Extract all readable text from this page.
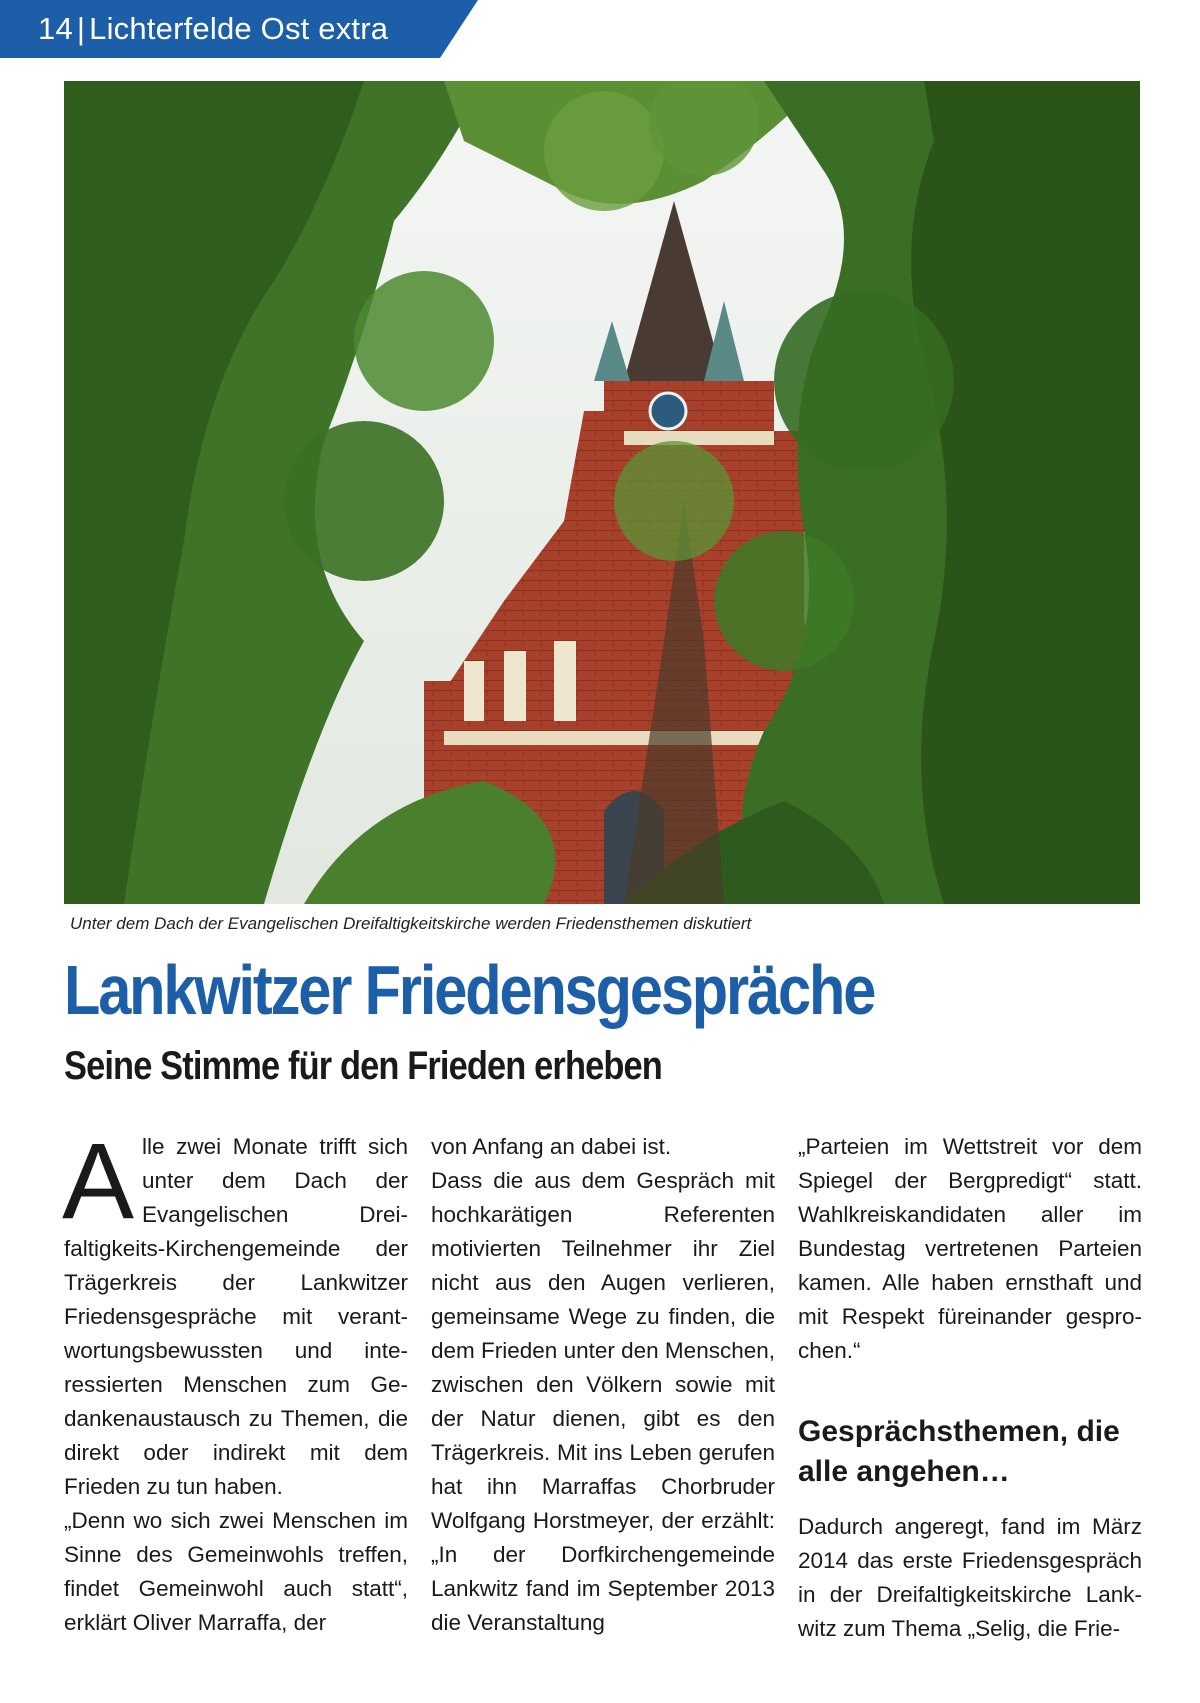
14 | Lichterfelde Ost extra
Unter dem Dach der Evangelischen Dreifaltigkeitskirche werden Friedensthemen diskutiert
Lankwitzer Friedensgespräche
Seine Stimme für den Frieden erheben

Alle zwei Monate trifft sich unter dem Dach der Evangelischen Dreifaltigkeits-Kirchengemeinde der Trägerkreis der Lankwitzer Friedensgespräche mit verantwortungsbewussten und interessierten Menschen zum Gedankenaustausch zu Themen, die direkt oder indirekt mit dem Frieden zu tun haben.

„Denn wo sich zwei Menschen im Sinne des Gemeinwohls treffen, findet Gemeinwohl auch statt“, erklärt Oliver Marraffa, der

von Anfang an dabei ist.

Dass die aus dem Gespräch mit hochkarätigen Referenten motivierten Teilnehmer ihr Ziel nicht aus den Augen verlieren, gemeinsame Wege zu finden, die dem Frieden unter den Menschen, zwischen den Völkern sowie mit der Natur dienen, gibt es den Trägerkreis. Mit ins Leben gerufen hat ihn Marraffas Chorbruder Wolfgang Horstmeyer, der erzählt: „In der Dorfkirchengemeinde Lankwitz fand im September 2013 die Veranstaltung

„Parteien im Wettstreit vor dem Spiegel der Bergpredigt“ statt. Wahlkreiskandidaten aller im Bundestag vertretenen Parteien kamen. Alle haben ernsthaft und mit Respekt füreinander gesprochen.“

Gesprächsthemen, die alle angehen…

Dadurch angeregt, fand im März 2014 das erste Friedensgespräch in der Dreifaltigkeitskirche Lankwitz zum Thema „Selig, die Frie-
